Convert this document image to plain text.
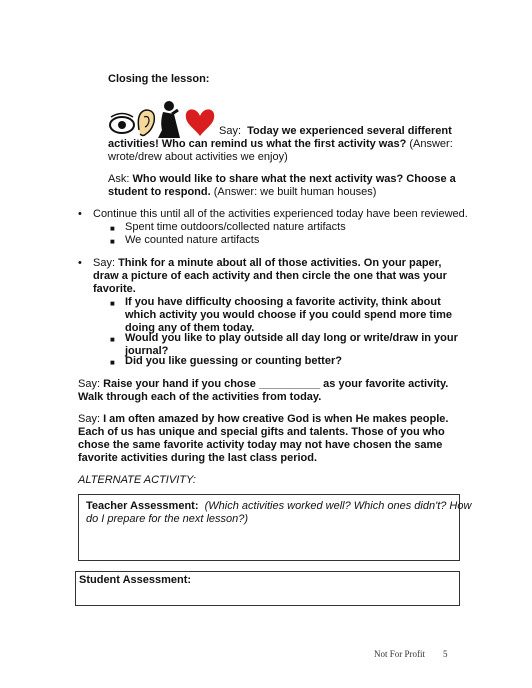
Closing the lesson:
Say: Today we experienced several different
activities! Who can remind us what the first activity was? (Answer:
wrote/drew about activities we enjoy)
Ask: Who would like to share what the next activity was? Choose a
student to respond. (Answer: we built human houses)
• Continue this until all of the activities experienced today have been reviewed.
■ Spent time outdoors/collected nature artifacts
■ We counted nature artifacts
• Say: Think for a minute about all of those activities. On your paper,
draw a picture of each activity and then circle the one that was your
favorite.
■ If you have difficulty choosing a favorite activity, think about
which activity you would choose if you could spend more time
doing any of them today.
■ Would you like to play outside all day long or write/draw in your
journal?
■ Did you like guessing or counting better?
Say: Raise your hand if you chose __________ as your favorite activity.
Walk through each of the activities from today.
Say: I am often amazed by how creative God is when He makes people.
Each of us has unique and special gifts and talents. Those of you who
chose the same favorite activity today may not have chosen the same
favorite activities during the last class period.
ALTERNATE ACTIVITY:
Teacher Assessment: (Which activities worked well? Which ones didn't? How
do I prepare for the next lesson?)
Student Assessment:
Not For Profit 5
